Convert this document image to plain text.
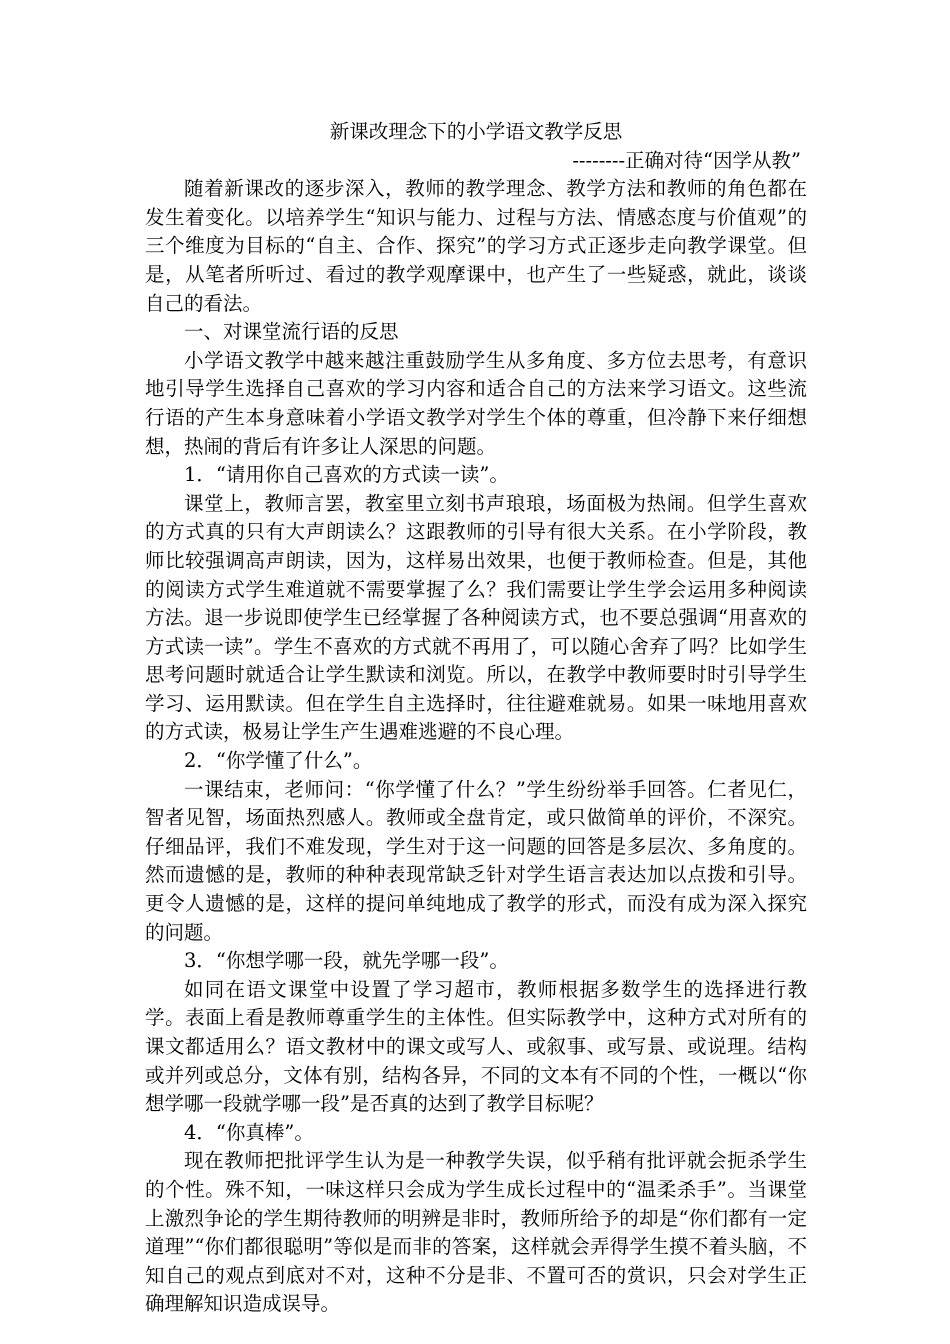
新课改理念下的小学语文教学反思

--------正确对待“因学从教”

随着新课改的逐步深入，教师的教学理念、教学方法和教师的角色都在发生着变化。以培养学生“知识与能力、过程与方法、情感态度与价值观”的三个维度为目标的“自主、合作、探究”的学习方式正逐步走向教学课堂。但是，从笔者所听过、看过的教学观摩课中，也产生了一些疑惑，就此，谈谈自己的看法。

一、对课堂流行语的反思

小学语文教学中越来越注重鼓励学生从多角度、多方位去思考，有意识地引导学生选择自己喜欢的学习内容和适合自己的方法来学习语文。这些流行语的产生本身意味着小学语文教学对学生个体的尊重，但冷静下来仔细想想，热闹的背后有许多让人深思的问题。

1．“请用你自己喜欢的方式读一读”。

课堂上，教师言罢，教室里立刻书声琅琅，场面极为热闹。但学生喜欢的方式真的只有大声朗读么？这跟教师的引导有很大关系。在小学阶段，教师比较强调高声朗读，因为，这样易出效果，也便于教师检查。但是，其他的阅读方式学生难道就不需要掌握了么？我们需要让学生学会运用多种阅读方法。退一步说即使学生已经掌握了各种阅读方式，也不要总强调“用喜欢的方式读一读”。学生不喜欢的方式就不再用了，可以随心舍弃了吗？比如学生思考问题时就适合让学生默读和浏览。所以，在教学中教师要时时引导学生学习、运用默读。但在学生自主选择时，往往避难就易。如果一味地用喜欢的方式读，极易让学生产生遇难逃避的不良心理。

2．“你学懂了什么”。

一课结束，老师问：“你学懂了什么？”学生纷纷举手回答。仁者见仁，智者见智，场面热烈感人。教师或全盘肯定，或只做简单的评价，不深究。仔细品评，我们不难发现，学生对于这一问题的回答是多层次、多角度的。然而遗憾的是，教师的种种表现常缺乏针对学生语言表达加以点拨和引导。更令人遗憾的是，这样的提问单纯地成了教学的形式，而没有成为深入探究的问题。

3．“你想学哪一段，就先学哪一段”。

如同在语文课堂中设置了学习超市，教师根据多数学生的选择进行教学。表面上看是教师尊重学生的主体性。但实际教学中，这种方式对所有的课文都适用么？语文教材中的课文或写人、或叙事、或写景、或说理。结构或并列或总分，文体有别，结构各异，不同的文本有不同的个性，一概以“你想学哪一段就学哪一段”是否真的达到了教学目标呢？

4．“你真棒”。

现在教师把批评学生认为是一种教学失误，似乎稍有批评就会扼杀学生的个性。殊不知，一味这样只会成为学生成长过程中的“温柔杀手”。当课堂上激烈争论的学生期待教师的明辨是非时，教师所给予的却是“你们都有一定道理”“你们都很聪明”等似是而非的答案，这样就会弄得学生摸不着头脑，不知自己的观点到底对不对，这种不分是非、不置可否的赏识，只会对学生正确理解知识造成误导。
